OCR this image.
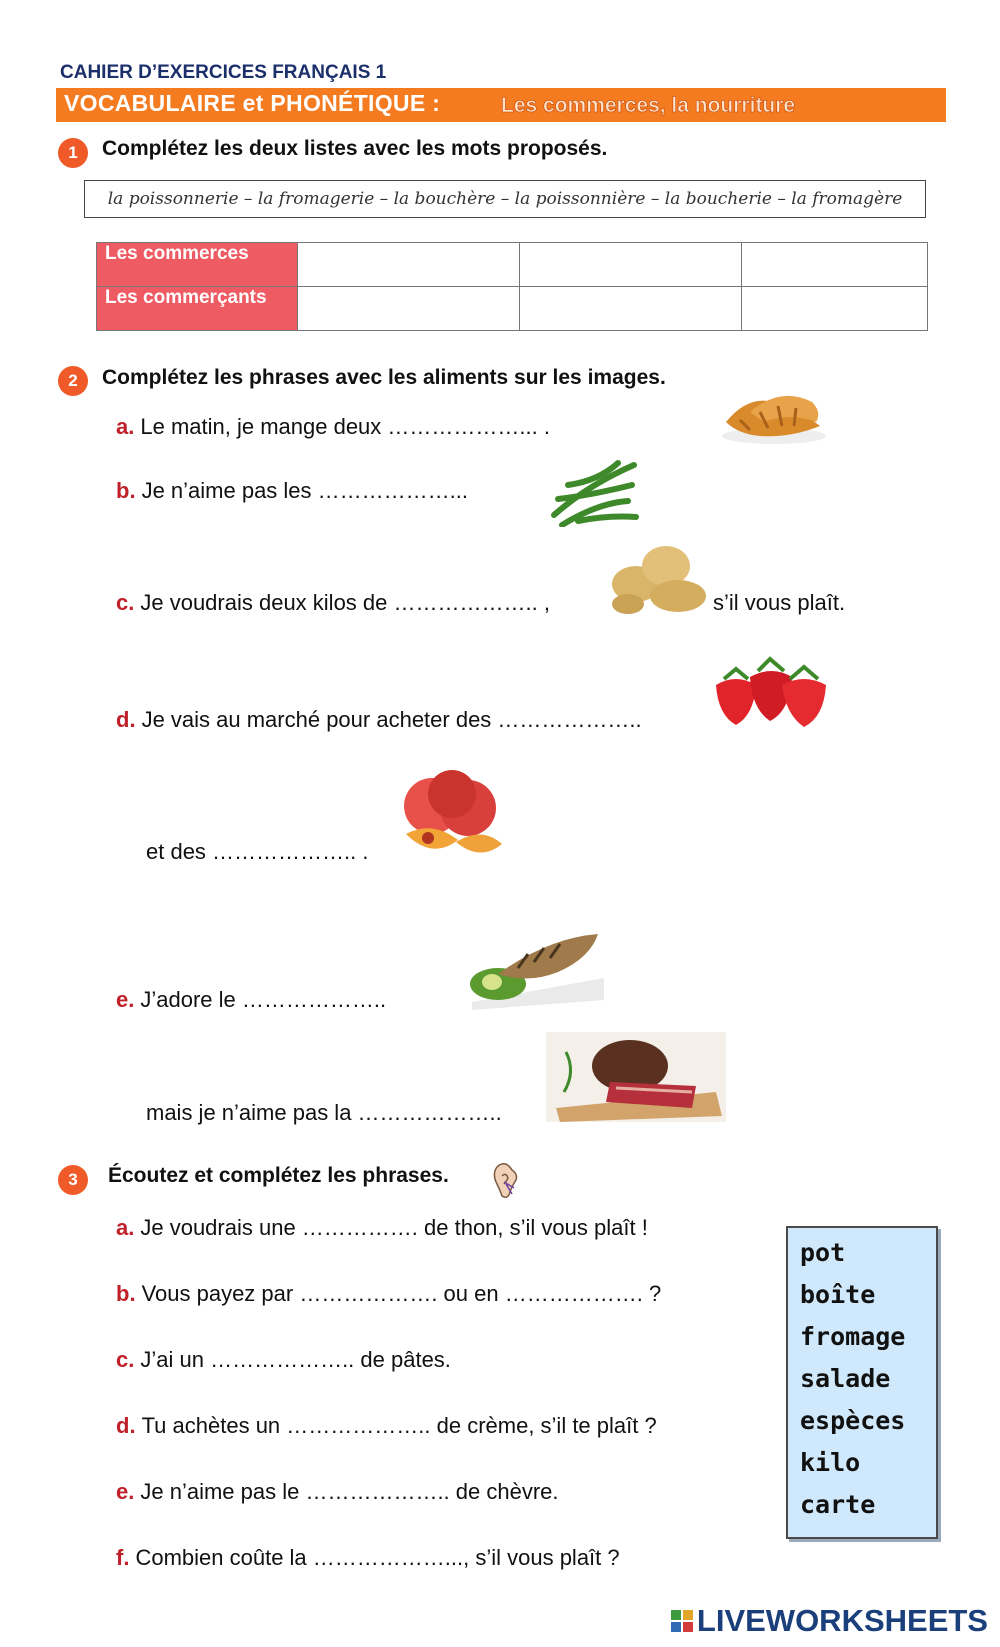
CAHIER D’EXERCICES FRANÇAIS 1
VOCABULAIRE et PHONÉTIQUE :	Les commerces, la nourriture
1	Complétez les deux listes avec les mots proposés.
la poissonnerie – la fromagerie – la bouchère – la poissonnière – la boucherie – la fromagère
Les commerces			
Les commerçants			
2	Complétez les phrases avec les aliments sur les images.
a. Le matin, je mange deux ………………... .
b. Je n’aime pas les ………………...
c. Je voudrais deux kilos de ……………….. ,	s’il vous plaît.
d. Je vais au marché pour acheter des ………………..
et des ……………….. .
e. J’adore le ………………..
mais je n’aime pas la ………………..
3	Écoutez et complétez les phrases.
a. Je voudrais une ……………. de thon, s’il vous plaît !
b. Vous payez par ………………. ou en ………………. ?
c. J’ai un ……………….. de pâtes.
d. Tu achètes un ……………….. de crème, s’il te plaît ?
e. Je n’aime pas le ……………….. de chèvre.
f. Combien coûte la ………………..., s’il vous plaît ?
pot
boîte
fromage
salade
espèces
kilo
carte
LIVEWORKSHEETS
